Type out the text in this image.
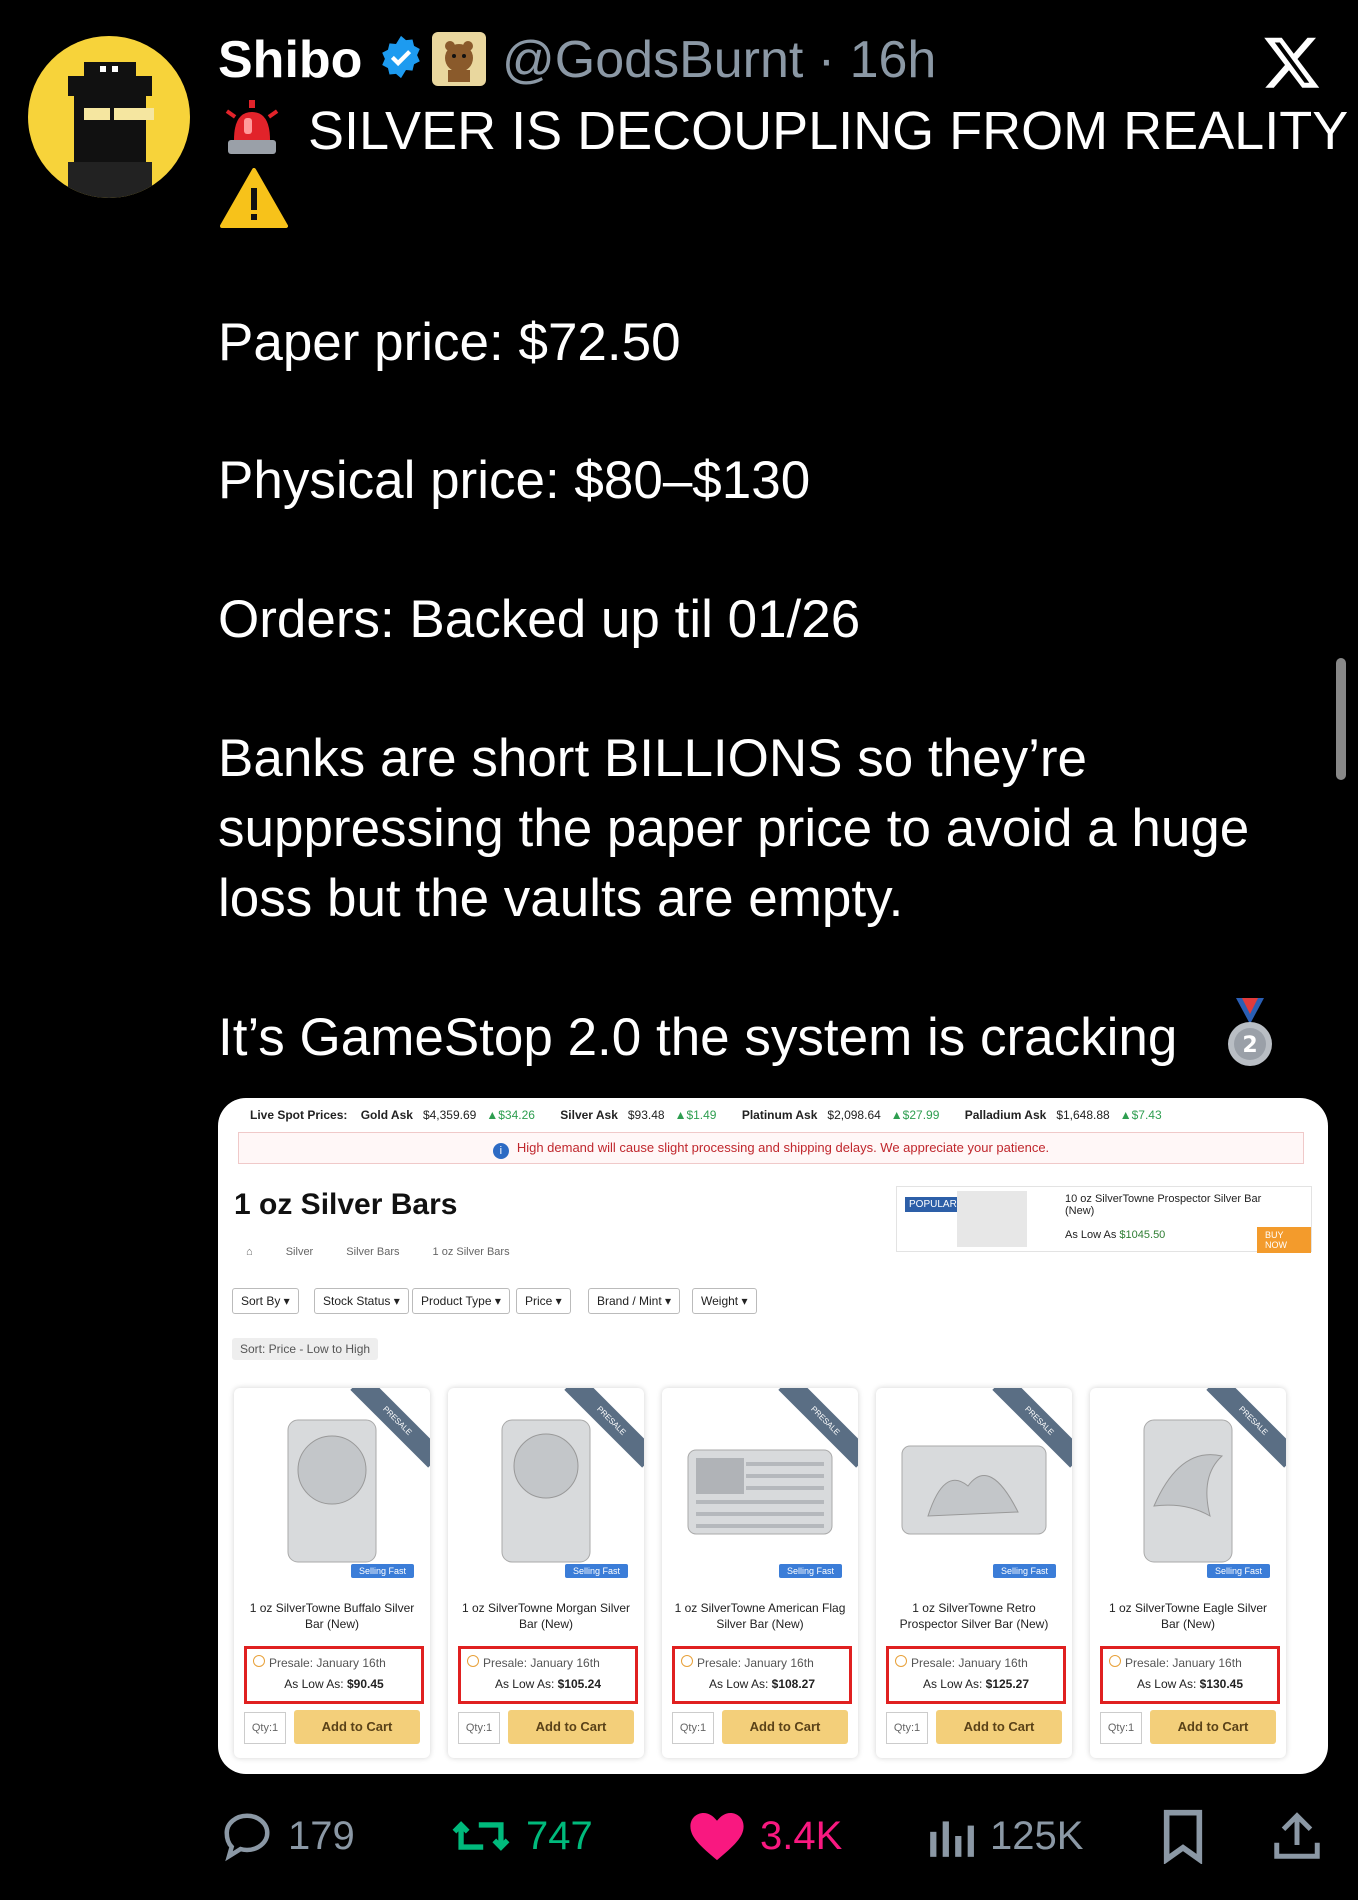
Shibo	@GodsBurnt · 16h
SILVER IS DECOUPLING FROM REALITY
Paper price: $72.50
Physical price: $80–$130
Orders: Backed up til 01/26
Banks are short BILLIONS so they’re
suppressing the paper price to avoid a huge
loss but the vaults are empty.
It’s GameStop 2.0 the system is cracking	2
Live Spot Prices: Gold Ask $4,359.69 ▲$34.26 Silver Ask $93.48 ▲$1.49 Platinum Ask $2,098.64 ▲$27.99 Palladium Ask $1,648.88 ▲$7.43
i High demand will cause slight processing and shipping delays. We appreciate your patience.
1 oz Silver Bars
⌂	Silver	Silver Bars	1 oz Silver Bars
POPULAR	10 oz SilverTowne Prospector Silver Bar (New)
As Low As $1045.50	BUY NOW
Sort By ▾	Stock Status ▾	Product Type ▾	Price ▾	Brand / Mint ▾	Weight ▾
Sort: Price - Low to High
PRESALE
Selling Fast
1 oz SilverTowne Buffalo Silver Bar (New)
Presale: January 16th
As Low As: $90.45
Qty:1	Add to Cart
PRESALE
Selling Fast
1 oz SilverTowne Morgan Silver Bar (New)
Presale: January 16th
As Low As: $105.24
Qty:1	Add to Cart
PRESALE
Selling Fast
1 oz SilverTowne American Flag Silver Bar (New)
Presale: January 16th
As Low As: $108.27
Qty:1	Add to Cart
PRESALE
Selling Fast
1 oz SilverTowne Retro Prospector Silver Bar (New)
Presale: January 16th
As Low As: $125.27
Qty:1	Add to Cart
PRESALE
Selling Fast
1 oz SilverTowne Eagle Silver Bar (New)
Presale: January 16th
As Low As: $130.45
Qty:1	Add to Cart
179	747	3.4K	125K
